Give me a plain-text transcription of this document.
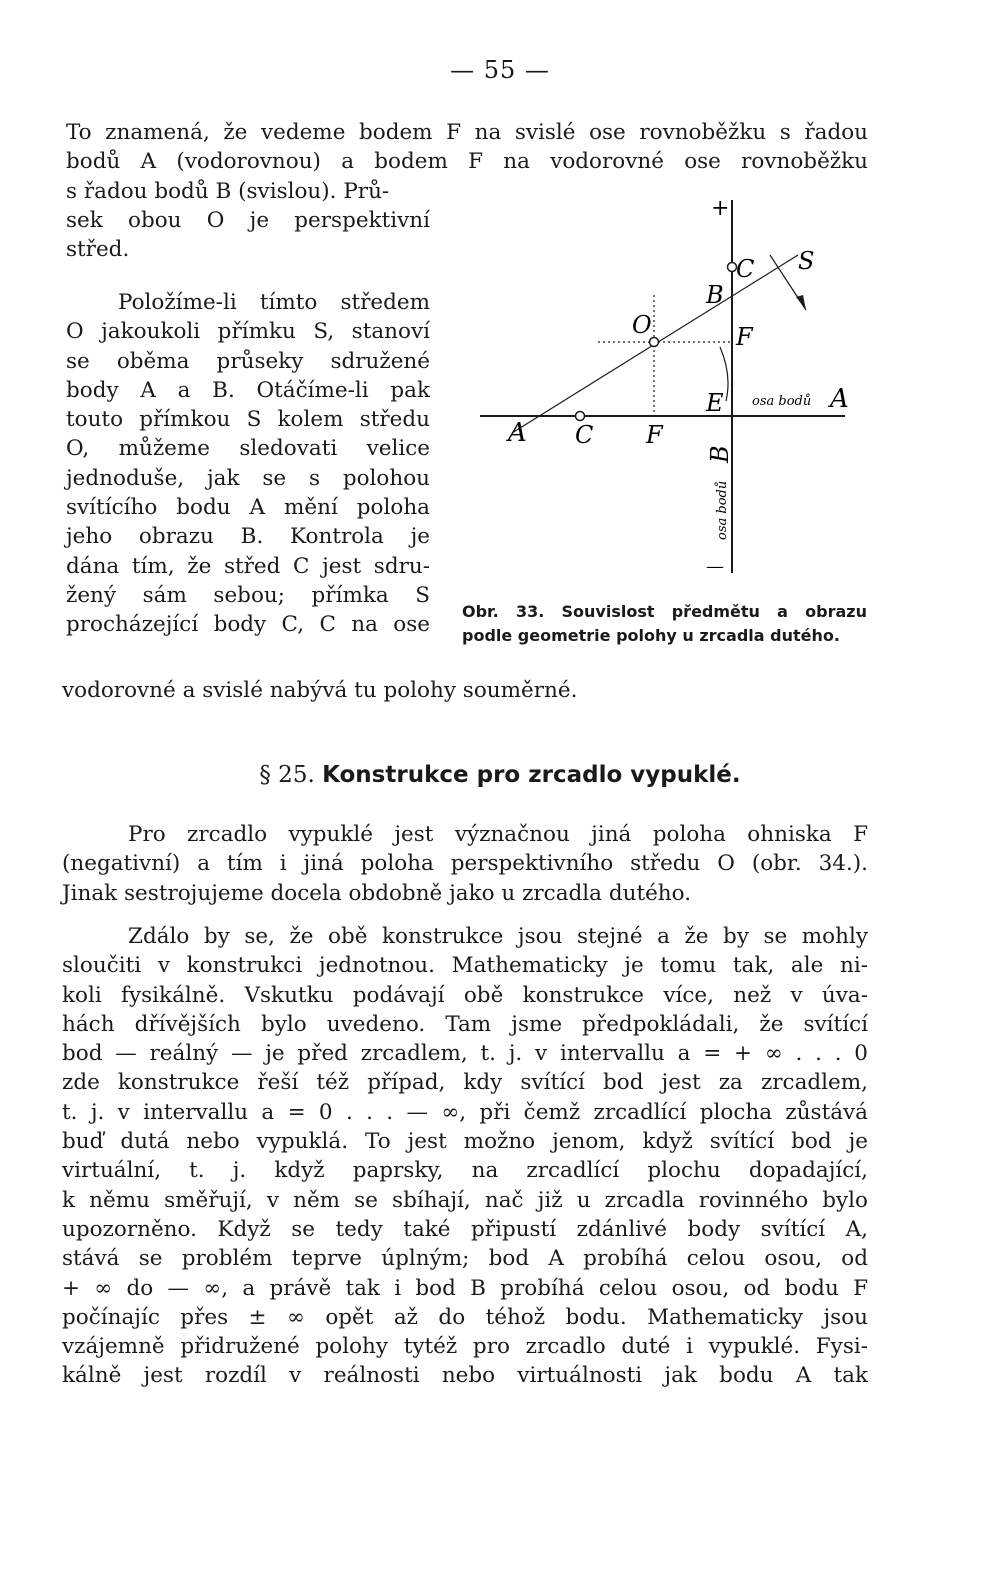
— 55 —
To znamená, že vedeme bodem F na svislé ose rovnoběžku s řadou
bodů A (vodorovnou) a bodem F na vodorovné ose rovnoběžku
s řadou bodů B (svislou). Prů-
sek obou O je perspektivní
střed.
Položíme-li tímto středem
O jakoukoli přímku S, stanoví
se oběma průseky sdružené
body A a B. Otáčíme-li pak
touto přímkou S kolem středu
O, můžeme sledovati velice
jednoduše, jak se s polohou
svítícího bodu A mění poloha
jeho obrazu B. Kontrola je
dána tím, že střed C jest sdru-
žený sám sebou; přímka S
procházející body C, C na ose
vodorovné a svislé nabývá tu polohy souměrné.
+
—
C S
B
O	F
E osa bodů A
A C F
B
osa bodů
Obr. 33. Souvislost předmětu a obrazu
podle geometrie polohy u zrcadla dutého.
§ 25. Konstrukce pro zrcadlo vypuklé.
Pro zrcadlo vypuklé jest význačnou jiná poloha ohniska F
(negativní) a tím i jiná poloha perspektivního středu O (obr. 34.).
Jinak sestrojujeme docela obdobně jako u zrcadla dutého.
Zdálo by se, že obě konstrukce jsou stejné a že by se mohly
sloučiti v konstrukci jednotnou. Mathematicky je tomu tak, ale ni-
koli fysikálně. Vskutku podávají obě konstrukce více, než v úva-
hách dřívějších bylo uvedeno. Tam jsme předpokládali, že svítící
bod — reálný — je před zrcadlem, t. j. v intervallu a = + ∞ . . . 0
zde konstrukce řeší též případ, kdy svítící bod jest za zrcadlem,
t. j. v intervallu a = 0 . . . — ∞, při čemž zrcadlící plocha zůstává
buď dutá nebo vypuklá. To jest možno jenom, když svítící bod je
virtuální, t. j. když paprsky, na zrcadlící plochu dopadající,
k němu směřují, v něm se sbíhají, nač již u zrcadla rovinného bylo
upozorněno. Když se tedy také připustí zdánlivé body svítící A,
stává se problém teprve úplným; bod A probíhá celou osou, od
+ ∞ do — ∞, a právě tak i bod B probíhá celou osou, od bodu F
počínajíc přes ± ∞ opět až do téhož bodu. Mathematicky jsou
vzájemně přidružené polohy tytéž pro zrcadlo duté i vypuklé. Fysi-
kálně jest rozdíl v reálnosti nebo virtuálnosti jak bodu A tak
